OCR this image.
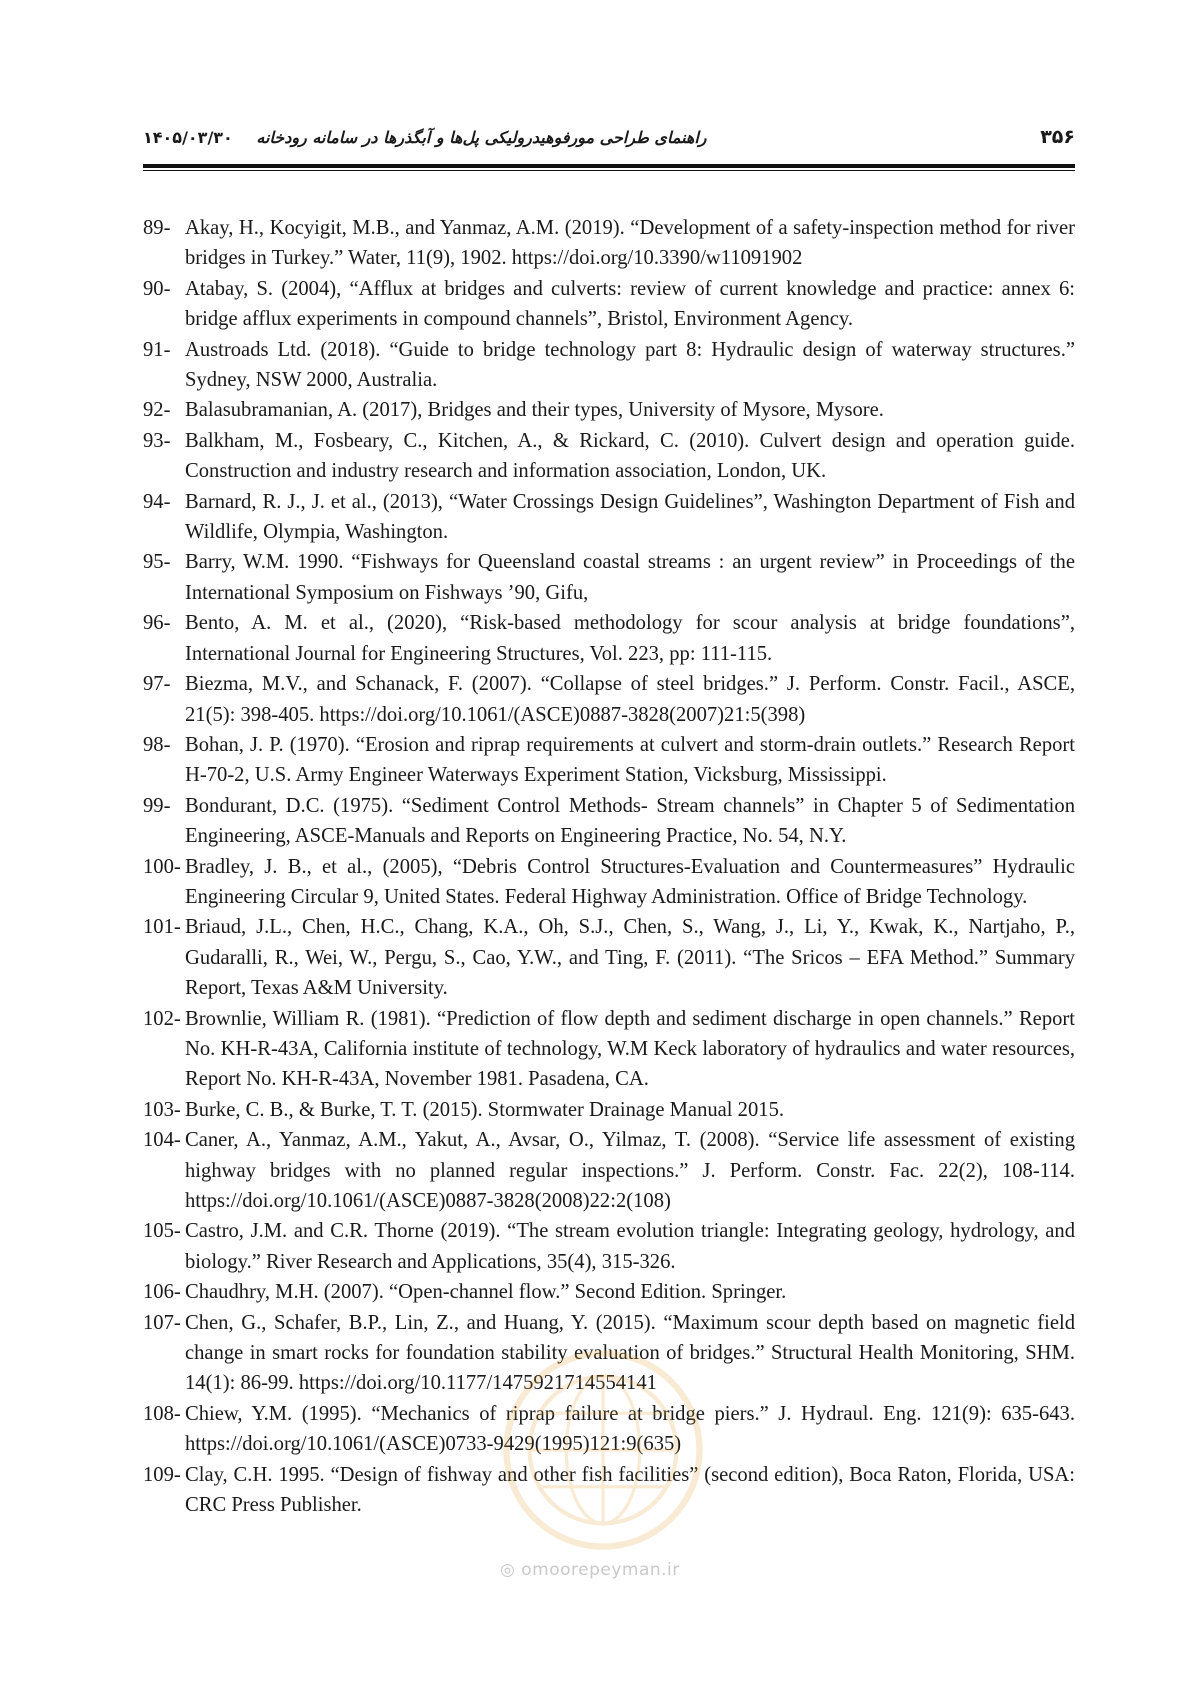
۳۵۶
راهنمای طراحی مورفوهیدرولیکی پل‌ها و آبگذرها در سامانه رودخانه ۱۴۰۵/۰۳/۳۰
89- Akay, H., Kocyigit, M.B., and Yanmaz, A.M. (2019). “Development of a safety-inspection method for river bridges in Turkey.” Water, 11(9), 1902. https://doi.org/10.3390/w11091902
90- Atabay, S. (2004), “Afflux at bridges and culverts: review of current knowledge and practice: annex 6: bridge afflux experiments in compound channels”, Bristol, Environment Agency.
91- Austroads Ltd. (2018). “Guide to bridge technology part 8: Hydraulic design of waterway structures.” Sydney, NSW 2000, Australia.
92- Balasubramanian, A. (2017), Bridges and their types, University of Mysore, Mysore.
93- Balkham, M., Fosbeary, C., Kitchen, A., & Rickard, C. (2010). Culvert design and operation guide. Construction and industry research and information association, London, UK.
94- Barnard, R. J., J. et al., (2013), “Water Crossings Design Guidelines”, Washington Department of Fish and Wildlife, Olympia, Washington.
95- Barry, W.M. 1990. “Fishways for Queensland coastal streams : an urgent review” in Proceedings of the International Symposium on Fishways ’90, Gifu,
96- Bento, A. M. et al., (2020), “Risk-based methodology for scour analysis at bridge foundations”, International Journal for Engineering Structures, Vol. 223, pp: 111-115.
97- Biezma, M.V., and Schanack, F. (2007). “Collapse of steel bridges.” J. Perform. Constr. Facil., ASCE, 21(5): 398-405. https://doi.org/10.1061/(ASCE)0887-3828(2007)21:5(398)
98- Bohan, J. P. (1970). “Erosion and riprap requirements at culvert and storm-drain outlets.” Research Report H-70-2, U.S. Army Engineer Waterways Experiment Station, Vicksburg, Mississippi.
99- Bondurant, D.C. (1975). “Sediment Control Methods- Stream channels” in Chapter 5 of Sedimentation Engineering, ASCE-Manuals and Reports on Engineering Practice, No. 54, N.Y.
100- Bradley, J. B., et al., (2005), “Debris Control Structures-Evaluation and Countermeasures” Hydraulic Engineering Circular 9, United States. Federal Highway Administration. Office of Bridge Technology.
101- Briaud, J.L., Chen, H.C., Chang, K.A., Oh, S.J., Chen, S., Wang, J., Li, Y., Kwak, K., Nartjaho, P., Gudaralli, R., Wei, W., Pergu, S., Cao, Y.W., and Ting, F. (2011). “The Sricos – EFA Method.” Summary Report, Texas A&M University.
102- Brownlie, William R. (1981). “Prediction of flow depth and sediment discharge in open channels.” Report No. KH-R-43A, California institute of technology, W.M Keck laboratory of hydraulics and water resources, Report No. KH-R-43A, November 1981. Pasadena, CA.
103- Burke, C. B., & Burke, T. T. (2015). Stormwater Drainage Manual 2015.
104- Caner, A., Yanmaz, A.M., Yakut, A., Avsar, O., Yilmaz, T. (2008). “Service life assessment of existing highway bridges with no planned regular inspections.” J. Perform. Constr. Fac. 22(2), 108-114. https://doi.org/10.1061/(ASCE)0887-3828(2008)22:2(108)
105- Castro, J.M. and C.R. Thorne (2019). “The stream evolution triangle: Integrating geology, hydrology, and biology.” River Research and Applications, 35(4), 315-326.
106- Chaudhry, M.H. (2007). “Open-channel flow.” Second Edition. Springer.
107- Chen, G., Schafer, B.P., Lin, Z., and Huang, Y. (2015). “Maximum scour depth based on magnetic field change in smart rocks for foundation stability evaluation of bridges.” Structural Health Monitoring, SHM. 14(1): 86-99. https://doi.org/10.1177/1475921714554141
108- Chiew, Y.M. (1995). “Mechanics of riprap failure at bridge piers.” J. Hydraul. Eng. 121(9): 635-643. https://doi.org/10.1061/(ASCE)0733-9429(1995)121:9(635)
109- Clay, C.H. 1995. “Design of fishway and other fish facilities” (second edition), Boca Raton, Florida, USA: CRC Press Publisher.
◎ omoorepeyman.ir
